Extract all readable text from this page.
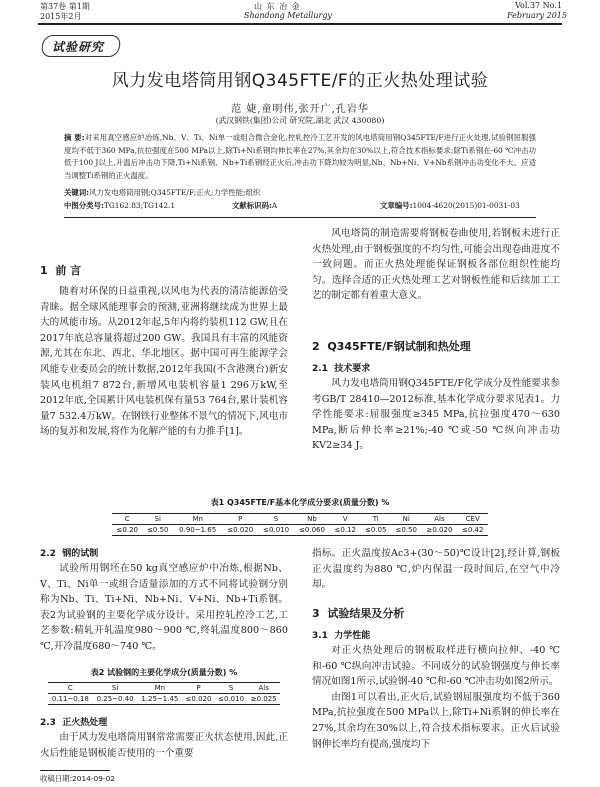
第37卷 第1期
2015年2月
山 东 冶 金
Shandong Metallurgy
Vol.37 No.1
February 2015
试验研究
风力发电塔筒用钢Q345FTE/F的正火热处理试验
范 婕,童明伟,张开广,孔岩华
(武汉钢铁(集团)公司 研究院,湖北 武汉 430080)
摘 要:对采用真空感应炉冶炼,Nb、V、Ti、Ni单一或组合微合金化,控轧控冷工艺开发的风电塔筒用钢Q345FTE/F进行正火处理,试验钢屈服强度均不低于360 MPa,抗拉强度在500 MPa以上,除Ti+Ni系钢均伸长率在27%,其余均在30%以上,符合技术指标要求;除Ti系钢在-60 ℃冲击功低于100 J以上,升温后冲击功下降,Ti+Ni系钢、Nb+Ti系钢经正火后,冲击功下降均较为明显,Nb、Nb+Ni、V+Nb系钢冲击功变化不大。应适当调整Ti系钢的正火温度。
关键词:风力发电塔筒用钢;Q345FTE/F;正火;力学性能;组织
中图分类号:TG162.83;TG142.1	文献标识码:A	文章编号:1004-4620(2015)01-0031-03
1 前 言

随着对环保的日益重视,以风电为代表的清洁能源倍受青睐。据全球风能理事会的预测,亚洲将继续成为世界上最大的风能市场。从2012年起,5年内将约装机112 GW,且在2017年底总容量将超过200 GW。我国具有丰富的风能资源,尤其在东北、西北、华北地区。据中国可再生能源学会风能专业委员会的统计数据,2012年我国(不含港澳台)新安装风电机组7 872台,新增风电装机容量1 296万kW,至2012年底,全国累计风电装机保有量53 764台,累计装机容量7 532.4万kW。在钢铁行业整体不景气的情况下,风电市场的复苏和发展,将作为化解产能的有力推手[1]。

风电塔筒的制造需要将钢板卷曲使用,若钢板未进行正火热处理,由于钢板强度的不均匀性,可能会出现卷曲进度不一致问题。而正火热处理能保证钢板各部位组织性能均匀。选择合适的正火热处理工艺对钢板性能和后续加工工艺的制定都有着重大意义。

2 Q345FTE/F钢试制和热处理
2.1 技术要求

风力发电塔筒用钢Q345FTE/F化学成分及性能要求参考GB/T 28410—2012标准,基本化学成分要求见表1。力学性能要求:屈服强度≥345 MPa,抗拉强度470～630 MPa,断后伸长率≥21%;-40 ℃或-50 ℃纵向冲击功KV2≥34 J。

表1 Q345FTE/F基本化学成分要求(质量分数) %
C	Si	Mn	P	S	Nb	V	Ti	Ni	Als	CEV
≤0.20	≤0.50	0.90~1.65	≤0.020	≤0.010	≤0.060	≤0.12	≤0.05	≤0.50	≥0.020	≤0.42
2.2 钢的试制

试验所用钢坯在50 kg真空感应炉中冶炼,根据Nb、V、Ti、Ni单一或组合适量添加的方式不同将试验钢分别称为Nb、Ti、Ti+Ni、Nb+Ni、V+Ni、Nb+Ti系钢。表2为试验钢的主要化学成分设计。采用控轧控冷工艺,工艺参数:精轧开轧温度980～900 ℃,终轧温度800～860 ℃,开冷温度680～740 ℃。

表2 试验钢的主要化学成分(质量分数) %
C	Si	Mn	P	S	Als
0.11~0.18	0.25~0.40	1.25~1.45	≤0.020	≤0.010	≥0.025
2.3 正火热处理

由于风力发电塔筒用钢常常需要正火状态使用,因此,正火后性能是钢板能否使用的一个重要

收稿日期:2014-09-02

指标。正火温度按Ac3+(30～50)℃设计[2],经计算,钢板正火温度约为880 ℃,炉内保温一段时间后,在空气中冷却。

3 试验结果及分析
3.1 力学性能

对正火热处理后的钢板取样进行横向拉伸、-40 ℃和-60 ℃纵向冲击试验。不同成分的试验钢强度与伸长率情况如图1所示,试验钢-40 ℃和-60 ℃冲击功如图2所示。

由图1可以看出,正火后,试验钢屈服强度均不低于360 MPa,抗拉强度在500 MPa以上,除Ti+Ni系钢的伸长率在27%,其余均在30%以上,符合技术指标要求。正火后试验钢伸长率均有提高,强度均下
